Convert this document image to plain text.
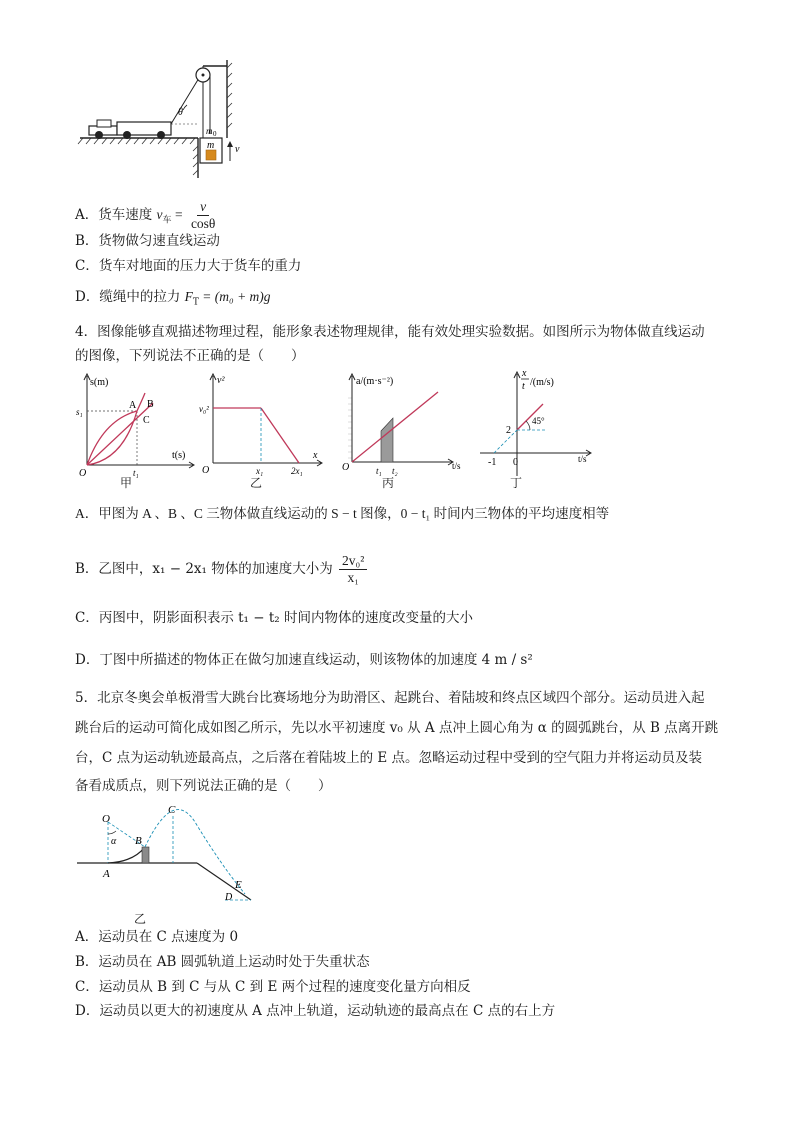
θ
m 0
m v
A．货车速度 $v_车 = \frac{v}{\cos\theta}$
B．货物做匀速直线运动
C．货车对地面的压力大于货车的重力
D．缆绳中的拉力 $F_T = (m_0 + m)g$
4．图像能够直观描述物理过程，能形象表述物理规律，能有效处理实验数据。如图所示为物体做直线运动
的图像，下列说法不正确的是（　　）
s(m)
t(s)
O
s₁
t₁
A B
C
甲
v²
x
O
v₀²
x₁	2x₁
乙
a/(m·s⁻²)
t/s
O	t₁ t₂
丙
x
t /(m/s)
t/s
45°
2
-1 0
丁
A．甲图为 A 、B 、C 三物体做直线运动的 S − t 图像，0 − t₁ 时间内三物体的平均速度相等
B．乙图中，x₁ − 2x₁ 物体的加速度大小为 $\frac{\text{2v₀²}}{\text{x₁}}$
C．丙图中，阴影面积表示 t₁ − t₂ 时间内物体的速度改变量的大小
D．丁图中所描述的物体正在做匀加速直线运动，则该物体的加速度 4 m / s²
5．北京冬奥会单板滑雪大跳台比赛场地分为助滑区、起跳台、着陆坡和终点区域四个部分。运动员进入起
跳台后的运动可简化成如图乙所示，先以水平初速度 v₀ 从 A 点冲上圆心角为 α 的圆弧跳台，从 B 点离开跳
台，C 点为运动轨迹最高点，之后落在着陆坡上的 E 点。忽略运动过程中受到的空气阻力并将运动员及装
备看成质点，则下列说法正确的是（　　）
O
α B
A
C
E
D
乙
A．运动员在 C 点速度为 0
B．运动员在 AB 圆弧轨道上运动时处于失重状态
C．运动员从 B 到 C 与从 C 到 E 两个过程的速度变化量方向相反
D．运动员以更大的初速度从 A 点冲上轨道，运动轨迹的最高点在 C 点的右上方
